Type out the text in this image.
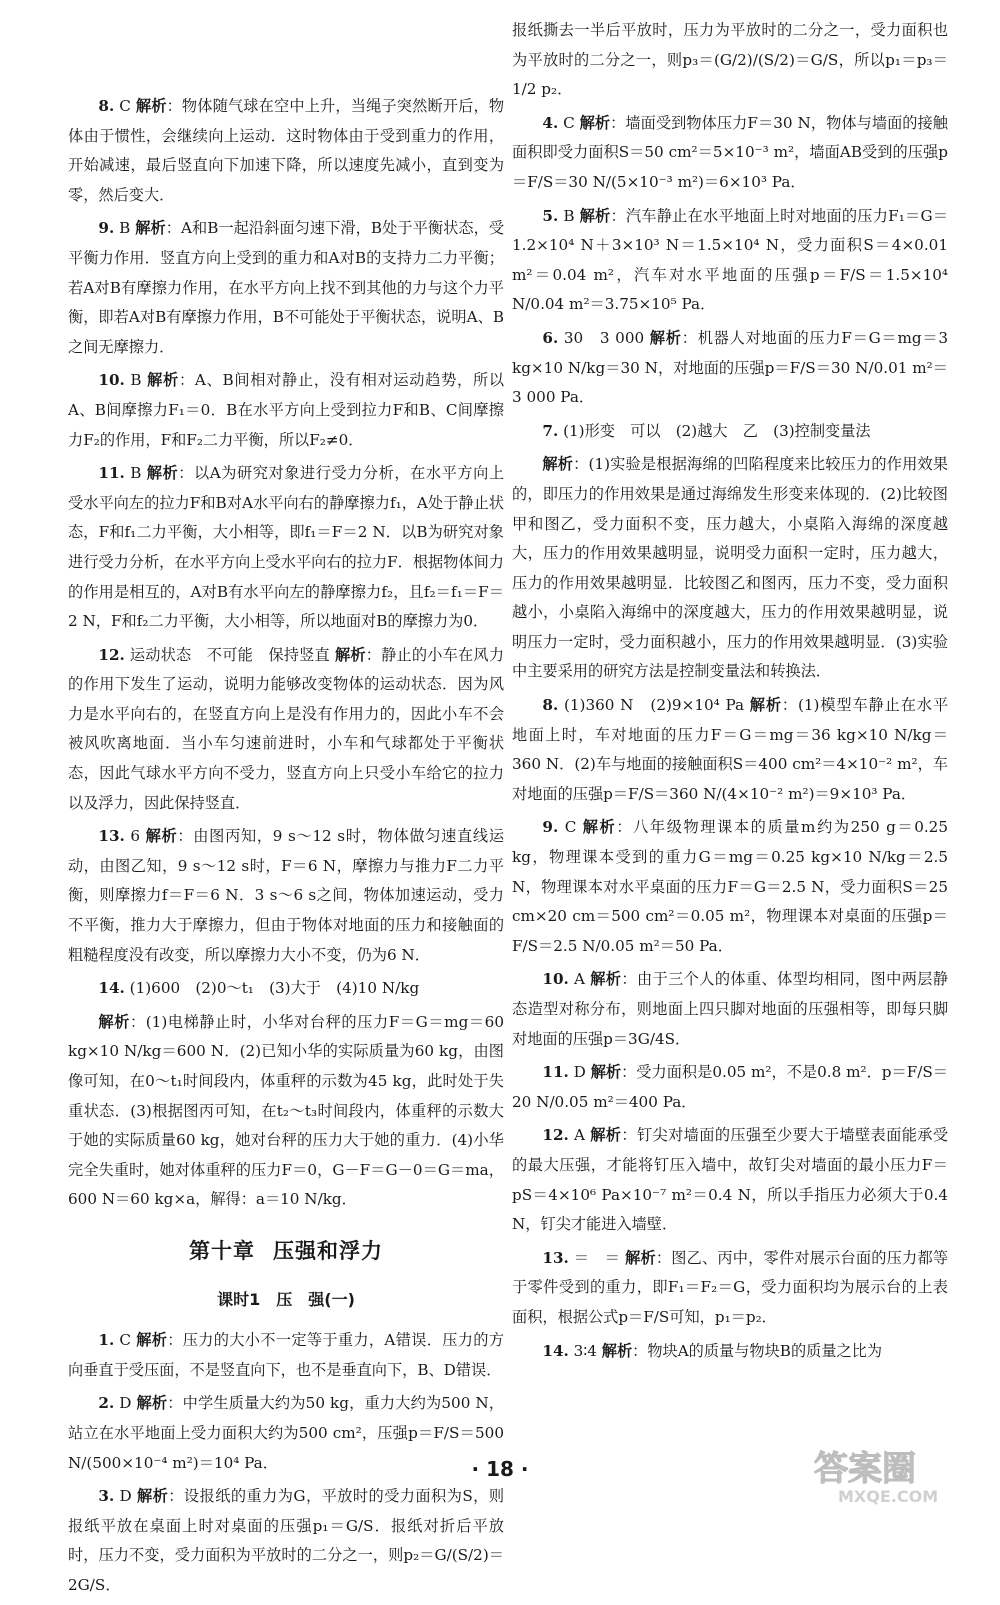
8. C 解析：物体随气球在空中上升，当绳子突然断开后，物体由于惯性，会继续向上运动．这时物体由于受到重力的作用，开始减速，最后竖直向下加速下降，所以速度先减小，直到变为零，然后变大．
9. B 解析：A和B一起沿斜面匀速下滑，B处于平衡状态，受平衡力作用．竖直方向上受到的重力和A对B的支持力二力平衡；若A对B有摩擦力作用，在水平方向上找不到其他的力与这个力平衡，即若A对B有摩擦力作用，B不可能处于平衡状态，说明A、B之间无摩擦力．
10. B 解析：A、B间相对静止，没有相对运动趋势，所以A、B间摩擦力F₁＝0．B在水平方向上受到拉力F和B、C间摩擦力F₂的作用，F和F₂二力平衡，所以F₂≠0．
11. B 解析：以A为研究对象进行受力分析，在水平方向上受水平向左的拉力F和B对A水平向右的静摩擦力f₁，A处于静止状态，F和f₁二力平衡，大小相等，即f₁＝F＝2 N．以B为研究对象进行受力分析，在水平方向上受水平向右的拉力F．根据物体间力的作用是相互的，A对B有水平向左的静摩擦力f₂，且f₂＝f₁＝F＝2 N，F和f₂二力平衡，大小相等，所以地面对B的摩擦力为0．
12. 运动状态　不可能　保持竖直 解析：静止的小车在风力的作用下发生了运动，说明力能够改变物体的运动状态．因为风力是水平向右的，在竖直方向上是没有作用力的，因此小车不会被风吹离地面．当小车匀速前进时，小车和气球都处于平衡状态，因此气球水平方向不受力，竖直方向上只受小车给它的拉力以及浮力，因此保持竖直．
13. 6 解析：由图丙知，9 s～12 s时，物体做匀速直线运动，由图乙知，9 s～12 s时，F＝6 N，摩擦力与推力F二力平衡，则摩擦力f＝F＝6 N．3 s～6 s之间，物体加速运动，受力不平衡，推力大于摩擦力，但由于物体对地面的压力和接触面的粗糙程度没有改变，所以摩擦力大小不变，仍为6 N．
14. (1)600　(2)0～t₁　(3)大于　(4)10 N/kg
解析：(1)电梯静止时，小华对台秤的压力F＝G＝mg＝60 kg×10 N/kg＝600 N．(2)已知小华的实际质量为60 kg，由图像可知，在0～t₁时间段内，体重秤的示数为45 kg，此时处于失重状态．(3)根据图丙可知，在t₂～t₃时间段内，体重秤的示数大于她的实际质量60 kg，她对台秤的压力大于她的重力．(4)小华完全失重时，她对体重秤的压力F＝0，G－F＝G－0＝G＝ma，600 N＝60 kg×a，解得：a＝10 N/kg．
第十章 压强和浮力
课时1 压　强(一)
1. C 解析：压力的大小不一定等于重力，A错误．压力的方向垂直于受压面，不是竖直向下，也不是垂直向下，B、D错误．
2. D 解析：中学生质量大约为50 kg，重力大约为500 N，站立在水平地面上受力面积大约为500 cm²，压强p＝F/S＝500 N/(500×10⁻⁴ m²)＝10⁴ Pa．
3. D 解析：设报纸的重力为G，平放时的受力面积为S，则报纸平放在桌面上时对桌面的压强p₁＝G/S．报纸对折后平放时，压力不变，受力面积为平放时的二分之一，则p₂＝G/(S/2)＝2G/S．
报纸撕去一半后平放时，压力为平放时的二分之一，受力面积也为平放时的二分之一，则p₃＝(G/2)/(S/2)＝G/S，所以p₁＝p₃＝1/2 p₂．
4. C 解析：墙面受到物体压力F＝30 N，物体与墙面的接触面积即受力面积S＝50 cm²＝5×10⁻³ m²，墙面AB受到的压强p＝F/S＝30 N/(5×10⁻³ m²)＝6×10³ Pa．
5. B 解析：汽车静止在水平地面上时对地面的压力F₁＝G＝1.2×10⁴ N＋3×10³ N＝1.5×10⁴ N，受力面积S＝4×0.01 m²＝0.04 m²，汽车对水平地面的压强p＝F/S＝1.5×10⁴ N/0.04 m²＝3.75×10⁵ Pa．
6. 30　3 000 解析：机器人对地面的压力F＝G＝mg＝3 kg×10 N/kg＝30 N，对地面的压强p＝F/S＝30 N/0.01 m²＝3 000 Pa．
7. (1)形变　可以　(2)越大　乙　(3)控制变量法
解析：(1)实验是根据海绵的凹陷程度来比较压力的作用效果的，即压力的作用效果是通过海绵发生形变来体现的．(2)比较图甲和图乙，受力面积不变，压力越大，小桌陷入海绵的深度越大，压力的作用效果越明显，说明受力面积一定时，压力越大，压力的作用效果越明显．比较图乙和图丙，压力不变，受力面积越小，小桌陷入海绵中的深度越大，压力的作用效果越明显，说明压力一定时，受力面积越小，压力的作用效果越明显．(3)实验中主要采用的研究方法是控制变量法和转换法．
8. (1)360 N　(2)9×10⁴ Pa 解析：(1)模型车静止在水平地面上时，车对地面的压力F＝G＝mg＝36 kg×10 N/kg＝360 N．(2)车与地面的接触面积S＝400 cm²＝4×10⁻² m²，车对地面的压强p＝F/S＝360 N/(4×10⁻² m²)＝9×10³ Pa．
9. C 解析：八年级物理课本的质量m约为250 g＝0.25 kg，物理课本受到的重力G＝mg＝0.25 kg×10 N/kg＝2.5 N，物理课本对水平桌面的压力F＝G＝2.5 N，受力面积S＝25 cm×20 cm＝500 cm²＝0.05 m²，物理课本对桌面的压强p＝F/S＝2.5 N/0.05 m²＝50 Pa．
10. A 解析：由于三个人的体重、体型均相同，图中两层静态造型对称分布，则地面上四只脚对地面的压强相等，即每只脚对地面的压强p＝3G/4S．
11. D 解析：受力面积是0.05 m²，不是0.8 m²．p＝F/S＝20 N/0.05 m²＝400 Pa．
12. A 解析：钉尖对墙面的压强至少要大于墙壁表面能承受的最大压强，才能将钉压入墙中，故钉尖对墙面的最小压力F＝pS＝4×10⁶ Pa×10⁻⁷ m²＝0.4 N，所以手指压力必须大于0.4 N，钉尖才能进入墙壁．
13. ＝　＝ 解析：图乙、丙中，零件对展示台面的压力都等于零件受到的重力，即F₁＝F₂＝G，受力面积均为展示台的上表面积，根据公式p＝F/S可知，p₁＝p₂．
14. 3∶4 解析：物块A的质量与物块B的质量之比为
· 18 ·	答案圈
MXQE.COM
